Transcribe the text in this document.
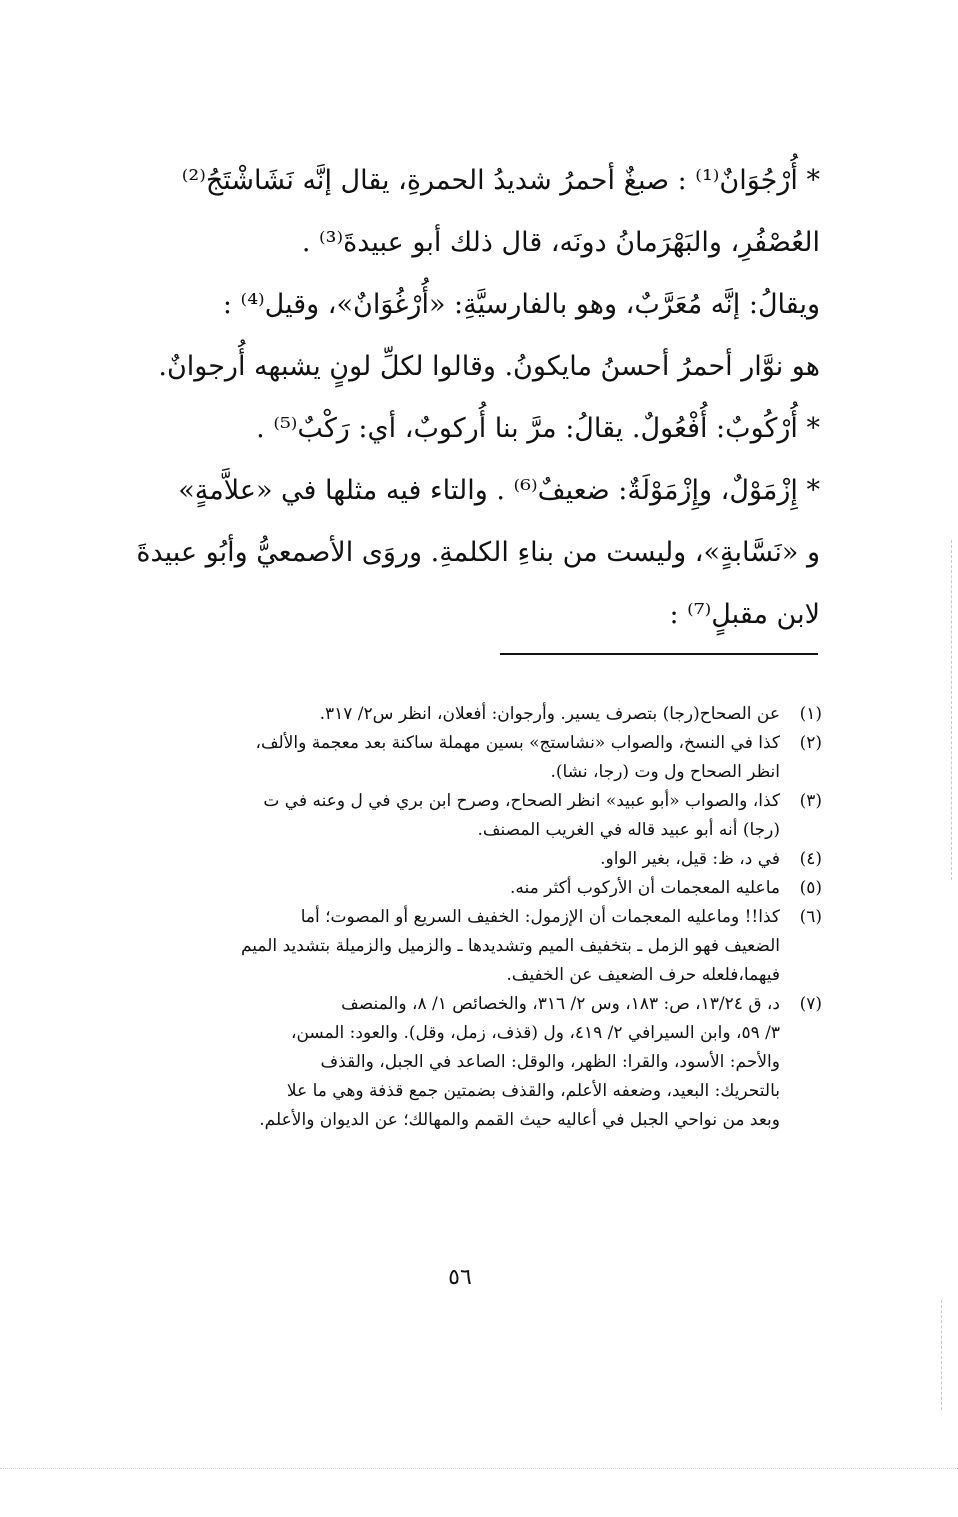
* أُرْجُوَانٌ⁽¹⁾ : صبغٌ أحمرُ شديدُ الحمرةِ، يقال إنَّه نَشَاشْتَجُ⁽²⁾
العُصْفُرِ، والبَهْرَمانُ دونَه، قال ذلك أبو عبيدةَ⁽³⁾ .

ويقالُ: إنَّه مُعَرَّبٌ، وهو بالفارسيَّةِ: «أُرْغُوَانٌ»، وقيل⁽⁴⁾ :
هو نوَّار أحمرُ أحسنُ مايكونُ. وقالوا لكلِّ لونٍ يشبهه أُرجوانٌ.

* أُرْكُوبٌ: أُفْعُولٌ. يقالُ: مرَّ بنا أُركوبٌ، أي: رَكْبٌ⁽⁵⁾ .

* إِزْمَوْلٌ، وإِزْمَوْلَةٌ: ضعيفٌ⁽⁶⁾ . والتاء فيه مثلها في «علاَّمةٍ»
و «نَسَّابةٍ»، وليست من بناءِ الكلمةِ. وروَى الأصمعيُّ وأبُو عبيدةَ
لابن مقبلٍ⁽⁷⁾ :

(١)
عن الصحاح(رجا) بتصرف يسير. وأرجوان: أفعلان، انظر س٢/ ٣١٧.
(٢)
كذا في النسخ، والصواب «نشاستج» بسين مهملة ساكنة بعد معجمة والألف،
انظر الصحاح ول وت (رجا، نشا).
(٣)
كذا، والصواب «أبو عبيد» انظر الصحاح، وصرح ابن بري في ل وعنه في ت
(رجا) أنه أبو عبيد قاله في الغريب المصنف.
(٤)
في د، ظ: قيل، بغير الواو.
(٥)
ماعليه المعجمات أن الأركوب أكثر منه.
(٦)
كذا!! وماعليه المعجمات أن الإزمول: الخفيف السريع أو المصوت؛ أما
الضعيف فهو الزمل ـ بتخفيف الميم وتشديدها ـ والزميل والزميلة بتشديد الميم
فيهما،فلعله حرف الضعيف عن الخفيف.
(٧)
د، ق ١٣/٢٤، ص: ١٨٣، وس ٢/ ٣١٦، والخصائص ١/ ٨، والمنصف
٣/ ٥٩، وابن السيرافي ٢/ ٤١٩، ول (قذف، زمل، وقل). والعود: المسن،
والأحم: الأسود، والقرا: الظهر، والوقل: الصاعد في الجبل، والقذف
بالتحريك: البعيد، وضعفه الأعلم، والقذف بضمتين جمع قذفة وهي ما علا
وبعد من نواحي الجبل في أعاليه حيث القمم والمهالك؛ عن الديوان والأعلم.
٥٦
